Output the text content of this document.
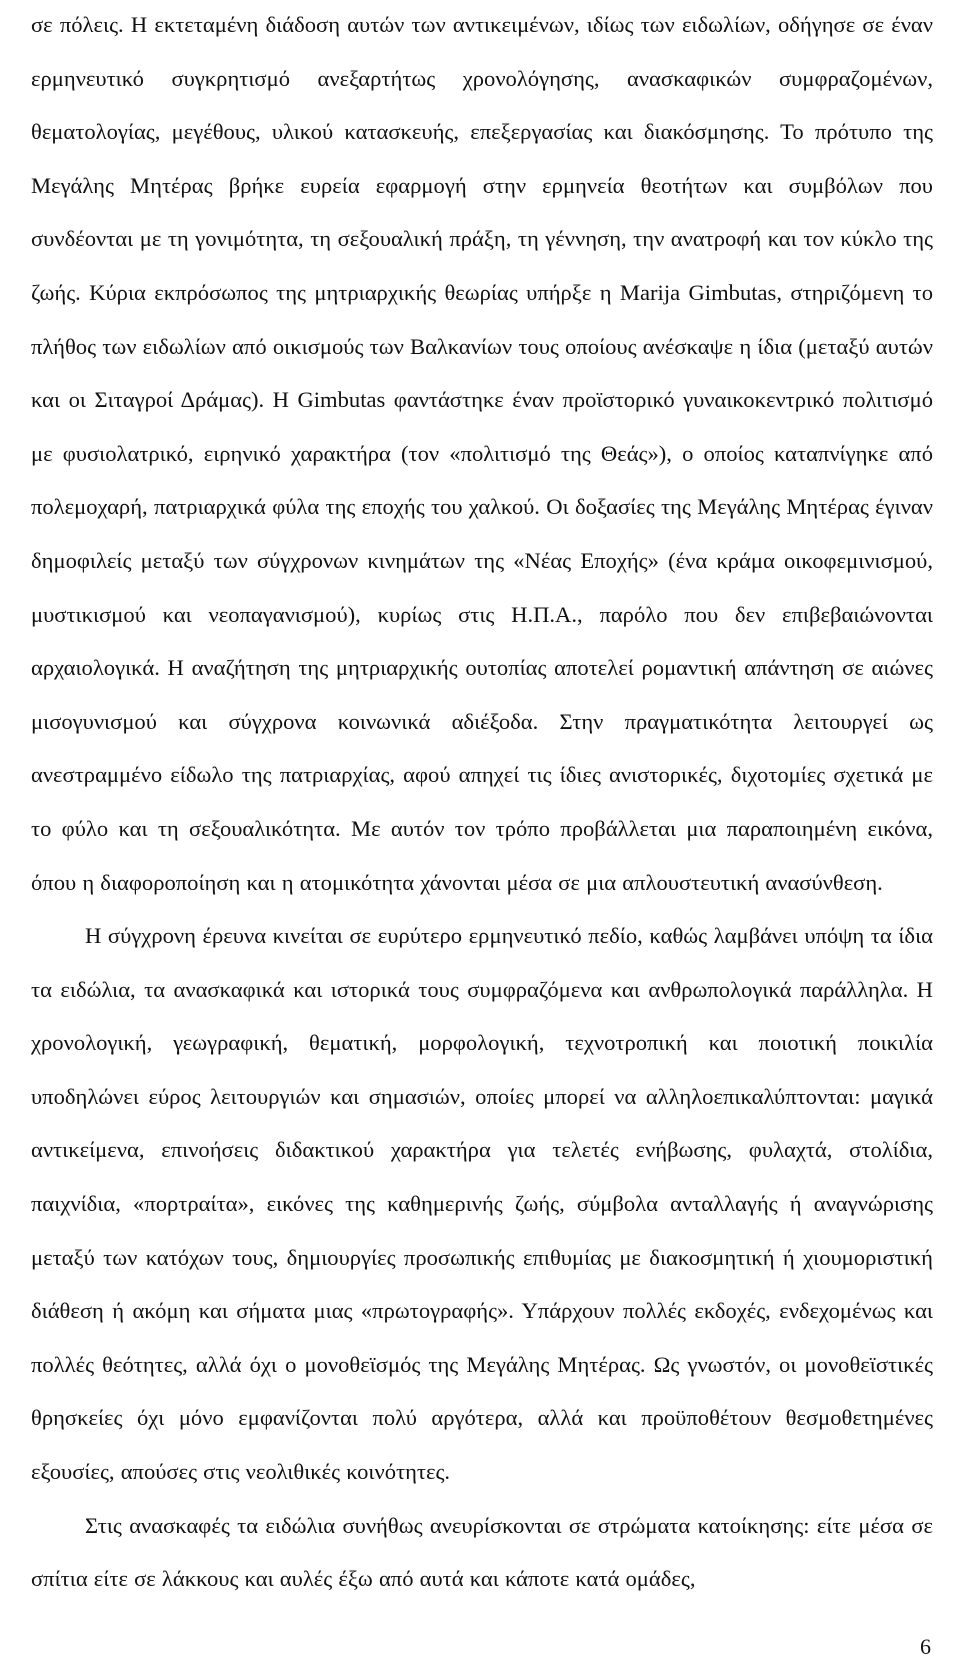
σε πόλεις. Η εκτεταμένη διάδοση αυτών των αντικειμένων, ιδίως των ειδωλίων, οδήγησε σε έναν ερμηνευτικό συγκρητισμό ανεξαρτήτως χρονολόγησης, ανασκαφικών συμφραζομένων, θεματολογίας, μεγέθους, υλικού κατασκευής, επεξεργασίας και διακόσμησης. Το πρότυπο της Μεγάλης Μητέρας βρήκε ευρεία εφαρμογή στην ερμηνεία θεοτήτων και συμβόλων που συνδέονται με τη γονιμότητα, τη σεξουαλική πράξη, τη γέννηση, την ανατροφή και τον κύκλο της ζωής. Κύρια εκπρόσωπος της μητριαρχικής θεωρίας υπήρξε η Marija Gimbutas, στηριζόμενη το πλήθος των ειδωλίων από οικισμούς των Βαλκανίων τους οποίους ανέσκαψε η ίδια (μεταξύ αυτών και οι Σιταγροί Δράμας). Η Gimbutas φαντάστηκε έναν προϊστορικό γυναικοκεντρικό πολιτισμό με φυσιολατρικό, ειρηνικό χαρακτήρα (τον «πολιτισμό της Θεάς»), ο οποίος καταπνίγηκε από πολεμοχαρή, πατριαρχικά φύλα της εποχής του χαλκού. Οι δοξασίες της Μεγάλης Μητέρας έγιναν δημοφιλείς μεταξύ των σύγχρονων κινημάτων της «Νέας Εποχής» (ένα κράμα οικοφεμινισμού, μυστικισμού και νεοπαγανισμού), κυρίως στις Η.Π.Α., παρόλο που δεν επιβεβαιώνονται αρχαιολογικά. Η αναζήτηση της μητριαρχικής ουτοπίας αποτελεί ρομαντική απάντηση σε αιώνες μισογυνισμού και σύγχρονα κοινωνικά αδιέξοδα. Στην πραγματικότητα λειτουργεί ως ανεστραμμένο είδωλο της πατριαρχίας, αφού απηχεί τις ίδιες ανιστορικές, διχοτομίες σχετικά με το φύλο και τη σεξουαλικότητα. Με αυτόν τον τρόπο προβάλλεται μια παραποιημένη εικόνα, όπου η διαφοροποίηση και η ατομικότητα χάνονται μέσα σε μια απλουστευτική ανασύνθεση.

Η σύγχρονη έρευνα κινείται σε ευρύτερο ερμηνευτικό πεδίο, καθώς λαμβάνει υπόψη τα ίδια τα ειδώλια, τα ανασκαφικά και ιστορικά τους συμφραζόμενα και ανθρωπολογικά παράλληλα. Η χρονολογική, γεωγραφική, θεματική, μορφολογική, τεχνοτροπική και ποιοτική ποικιλία υποδηλώνει εύρος λειτουργιών και σημασιών, οποίες μπορεί να αλληλοεπικαλύπτονται: μαγικά αντικείμενα, επινοήσεις διδακτικού χαρακτήρα για τελετές ενήβωσης, φυλαχτά, στολίδια, παιχνίδια, «πορτραίτα», εικόνες της καθημερινής ζωής, σύμβολα ανταλλαγής ή αναγνώρισης μεταξύ των κατόχων τους, δημιουργίες προσωπικής επιθυμίας με διακοσμητική ή χιουμοριστική διάθεση ή ακόμη και σήματα μιας «πρωτογραφής». Υπάρχουν πολλές εκδοχές, ενδεχομένως και πολλές θεότητες, αλλά όχι ο μονοθεϊσμός της Μεγάλης Μητέρας. Ως γνωστόν, οι μονοθεϊστικές θρησκείες όχι μόνο εμφανίζονται πολύ αργότερα, αλλά και προϋποθέτουν θεσμοθετημένες εξουσίες, απούσες στις νεολιθικές κοινότητες.

Στις ανασκαφές τα ειδώλια συνήθως ανευρίσκονται σε στρώματα κατοίκησης: είτε μέσα σε σπίτια είτε σε λάκκους και αυλές έξω από αυτά και κάποτε κατά ομάδες,

6
